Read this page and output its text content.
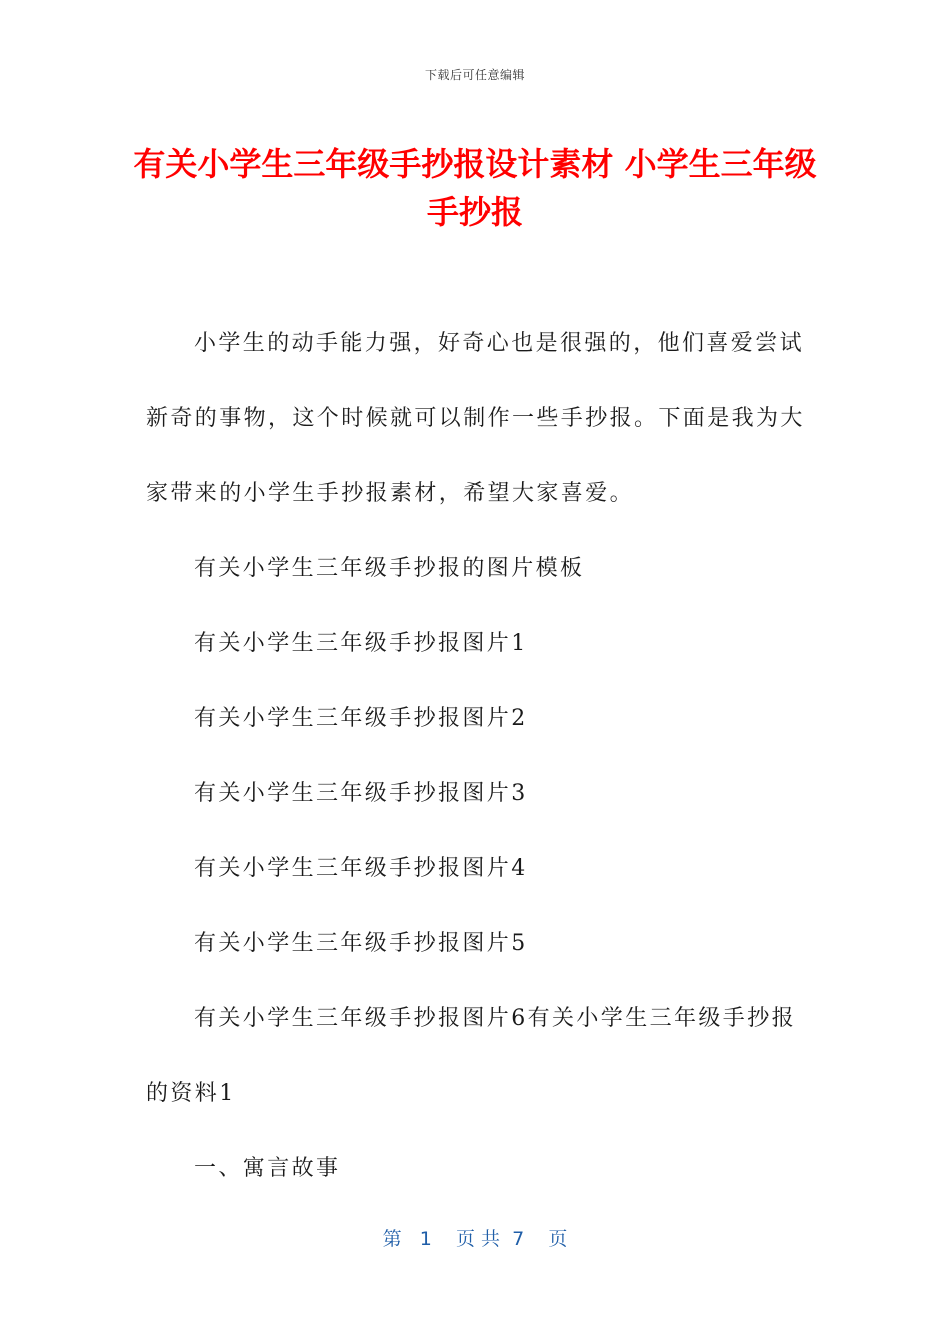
下载后可任意编辑
有关小学生三年级手抄报设计素材 小学生三年级手抄报

小学生的动手能力强，好奇心也是很强的，他们喜爱尝试新奇的事物，这个时候就可以制作一些手抄报。下面是我为大家带来的小学生手抄报素材，希望大家喜爱。

有关小学生三年级手抄报的图片模板

有关小学生三年级手抄报图片1

有关小学生三年级手抄报图片2

有关小学生三年级手抄报图片3

有关小学生三年级手抄报图片4

有关小学生三年级手抄报图片5

有关小学生三年级手抄报图片6有关小学生三年级手抄报的资料1

一、寓言故事

第   1    页 共  7    页
